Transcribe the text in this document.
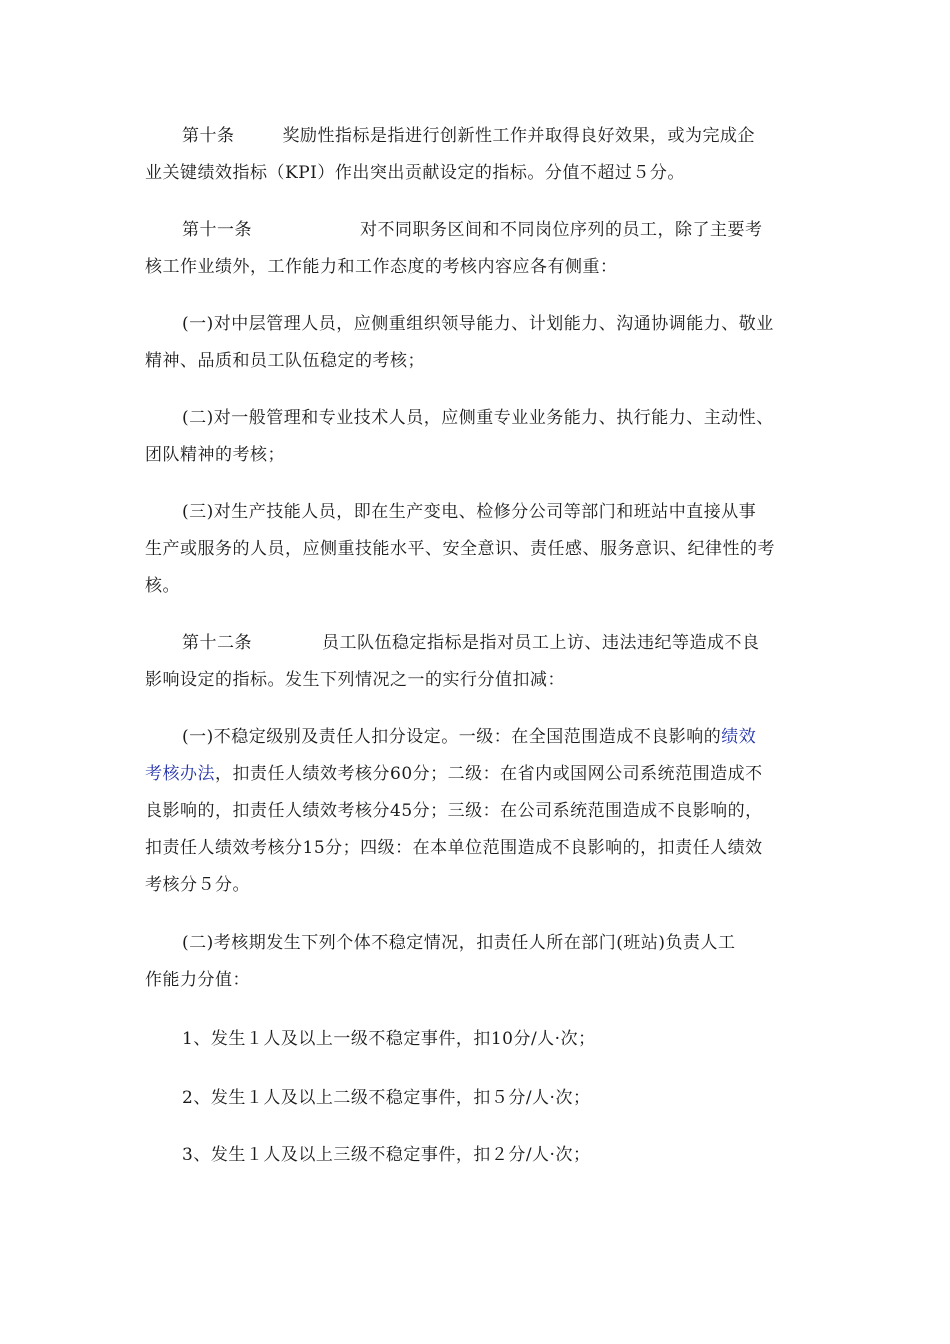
第十条	奖励性指标是指进行创新性工作并取得良好效果，或为完成企
业关键绩效指标（KPI）作出突出贡献设定的指标。分值不超过５分。
第十一条	对不同职务区间和不同岗位序列的员工，除了主要考
核工作业绩外，工作能力和工作态度的考核内容应各有侧重：
(一)对中层管理人员，应侧重组织领导能力、计划能力、沟通协调能力、敬业
精神、品质和员工队伍稳定的考核；
(二)对一般管理和专业技术人员，应侧重专业业务能力、执行能力、主动性、
团队精神的考核；
(三)对生产技能人员，即在生产变电、检修分公司等部门和班站中直接从事
生产或服务的人员，应侧重技能水平、安全意识、责任感、服务意识、纪律性的考
核。
第十二条	员工队伍稳定指标是指对员工上访、违法违纪等造成不良
影响设定的指标。发生下列情况之一的实行分值扣减：
(一)不稳定级别及责任人扣分设定。一级：在全国范围造成不良影响的绩效
考核办法，扣责任人绩效考核分60分；二级：在省内或国网公司系统范围造成不
良影响的，扣责任人绩效考核分45分；三级：在公司系统范围造成不良影响的，
扣责任人绩效考核分15分；四级：在本单位范围造成不良影响的，扣责任人绩效
考核分５分。
(二)考核期发生下列个体不稳定情况，扣责任人所在部门(班站)负责人工
作能力分值：
1、发生１人及以上一级不稳定事件，扣10分/人·次；
2、发生１人及以上二级不稳定事件，扣５分/人·次；
3、发生１人及以上三级不稳定事件，扣２分/人·次；
